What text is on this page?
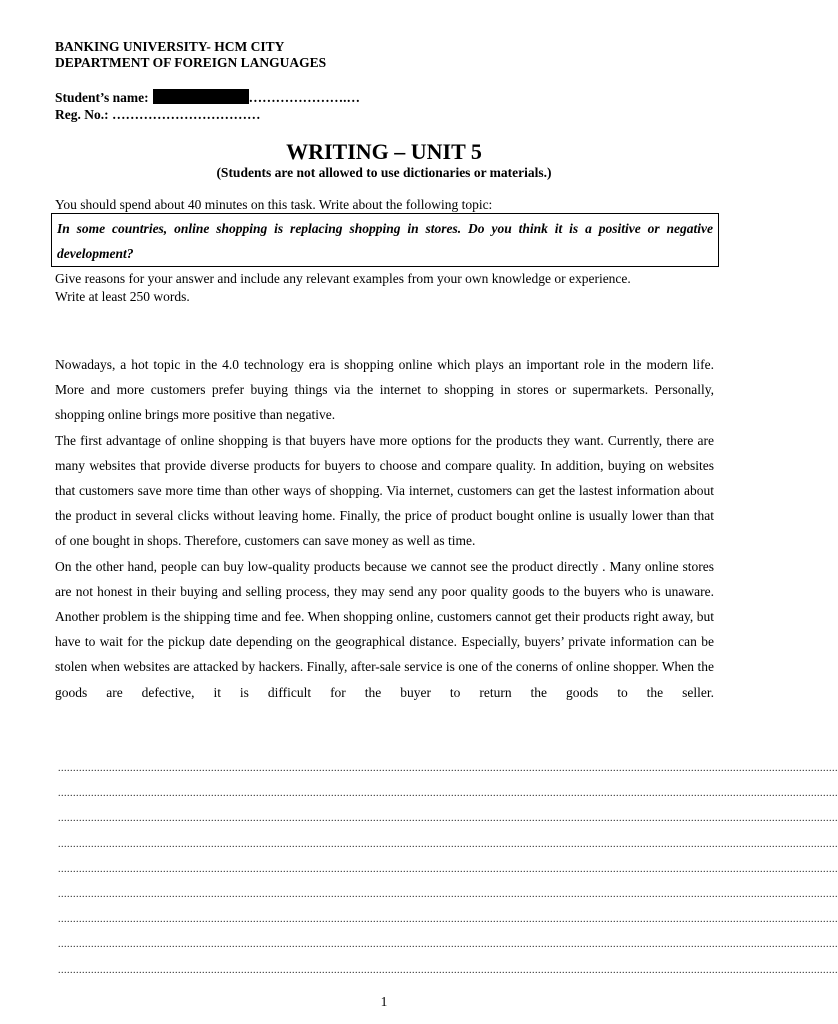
BANKING UNIVERSITY- HCM CITY
DEPARTMENT OF FOREIGN LANGUAGES
Student’s name:	………………….…
Reg. No.: ……………………………
WRITING – UNIT 5
(Students are not allowed to use dictionaries or materials.)
You should spend about 40 minutes on this task. Write about the following topic:
In some countries, online shopping is replacing shopping in stores. Do you think it is a positive or negative development?
Give reasons for your answer and include any relevant examples from your own knowledge or experience.
Write at least 250 words.

Nowadays, a hot topic in the 4.0 technology era is shopping online which plays an important role in the modern life. More and more customers prefer buying things via the internet to shopping in stores or supermarkets. Personally, shopping online brings more positive than negative.

The first advantage of online shopping is that buyers have more options for the products they want. Currently, there are many websites that provide diverse products for buyers to choose and compare quality. In addition, buying on websites that customers save more time than other ways of shopping. Via internet, customers can get the lastest information about the product in several clicks without leaving home. Finally, the price of product bought online is usually lower than that of one bought in shops. Therefore, customers can save money as well as time.

On the other hand, people can buy low-quality products because we cannot see the product directly . Many online stores are not honest in their buying and selling process, they may send any poor quality goods to the buyers who is unaware. Another problem is the shipping time and fee. When shopping online, customers cannot get their products right away, but have to wait for the pickup date depending on the geographical distance. Especially, buyers’ private information can be stolen when websites are attacked by hackers. Finally, after-sale service is one of the conerns of online shopper. When the goods are defective, it is difficult for the buyer to return the goods to the seller.

....................................................................................................................................................................................................................................................................
....................................................................................................................................................................................................................................................................
....................................................................................................................................................................................................................................................................
....................................................................................................................................................................................................................................................................
....................................................................................................................................................................................................................................................................
....................................................................................................................................................................................................................................................................
....................................................................................................................................................................................................................................................................
....................................................................................................................................................................................................................................................................
....................................................................................................................................................................................................................................................................
1
